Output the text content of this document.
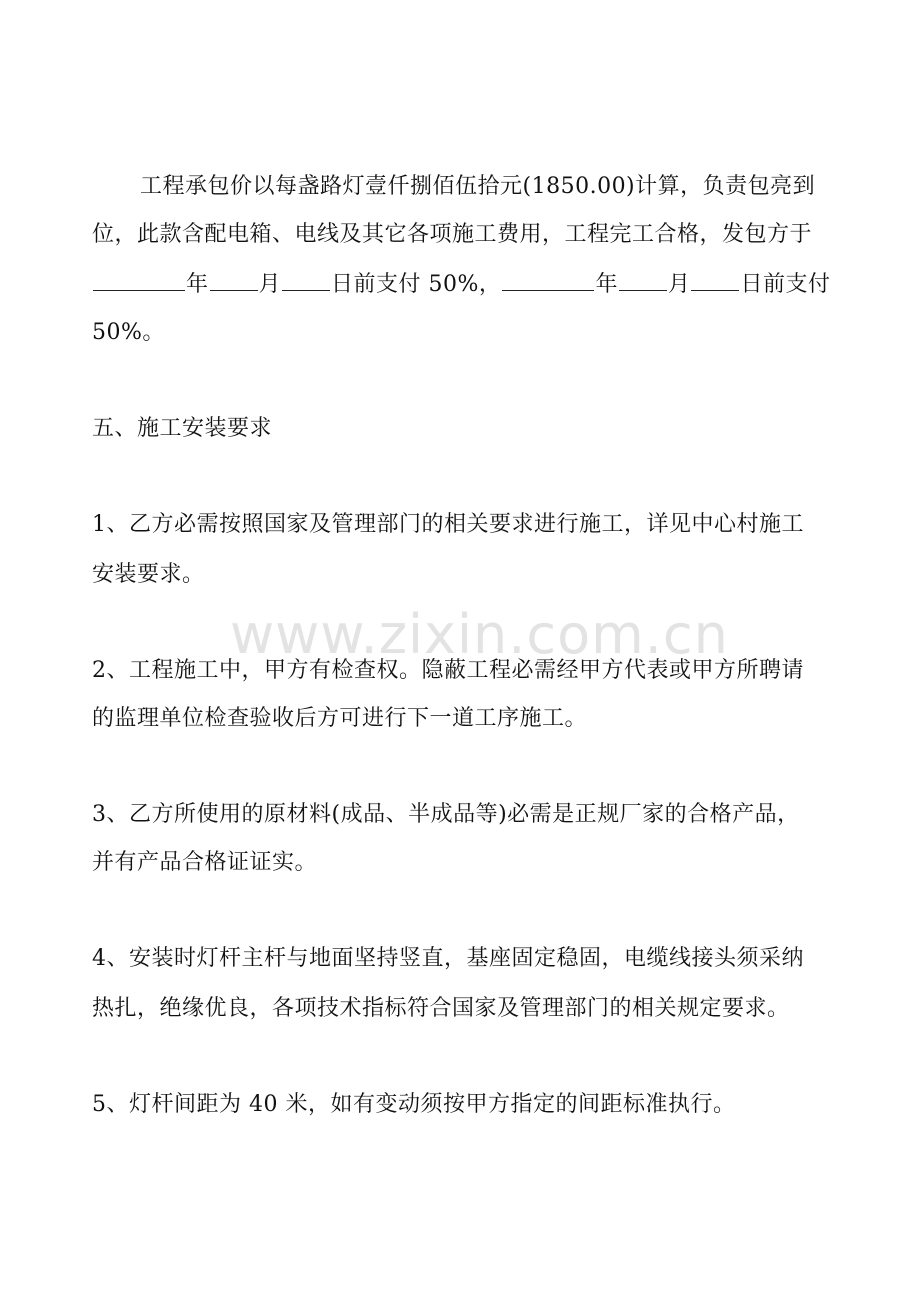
www.zixin.com.cn
工程承包价以每盏路灯壹仟捌佰伍拾元(1850.00)计算，负责包亮到
位，此款含配电箱、电线及其它各项施工费用，工程完工合格，发包方于
年 月 日前支付 50%，	年 月 日前支付
50%。
五、施工安装要求
1、乙方必需按照国家及管理部门的相关要求进行施工，详见中心村施工
安装要求。
2、工程施工中，甲方有检查权。隐蔽工程必需经甲方代表或甲方所聘请
的监理单位检查验收后方可进行下一道工序施工。
3、乙方所使用的原材料(成品、半成品等)必需是正规厂家的合格产品，
并有产品合格证证实。
4、安装时灯杆主杆与地面坚持竖直，基座固定稳固，电缆线接头须采纳
热扎，绝缘优良，各项技术指标符合国家及管理部门的相关规定要求。
5、灯杆间距为 40 米，如有变动须按甲方指定的间距标准执行。
